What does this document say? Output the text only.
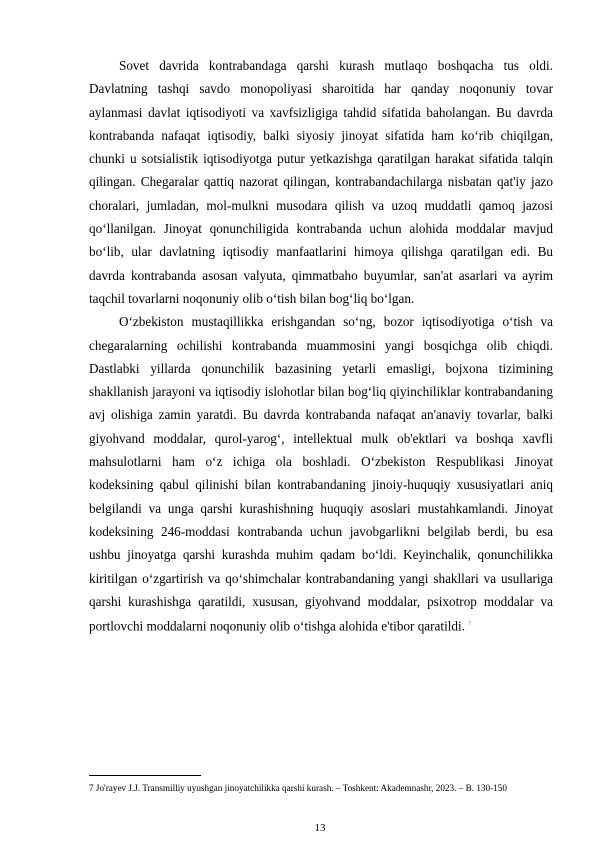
Sovet davrida kontrabandaga qarshi kurash mutlaqo boshqacha tus oldi. Davlatning tashqi savdo monopoliyasi sharoitida har qanday noqonuniy tovar aylanmasi davlat iqtisodiyoti va xavfsizligiga tahdid sifatida baholangan. Bu davrda kontrabanda nafaqat iqtisodiy, balki siyosiy jinoyat sifatida ham ko‘rib chiqilgan, chunki u sotsialistik iqtisodiyotga putur yetkazishga qaratilgan harakat sifatida talqin qilingan. Chegaralar qattiq nazorat qilingan, kontrabandachilarga nisbatan qat'iy jazo choralari, jumladan, mol-mulkni musodara qilish va uzoq muddatli qamoq jazosi qo‘llanilgan. Jinoyat qonunchiligida kontrabanda uchun alohida moddalar mavjud bo‘lib, ular davlatning iqtisodiy manfaatlarini himoya qilishga qaratilgan edi. Bu davrda kontrabanda asosan valyuta, qimmatbaho buyumlar, san'at asarlari va ayrim taqchil tovarlarni noqonuniy olib o‘tish bilan bog‘liq bo‘lgan.

O‘zbekiston mustaqillikka erishgandan so‘ng, bozor iqtisodiyotiga o‘tish va chegaralarning ochilishi kontrabanda muammosini yangi bosqichga olib chiqdi. Dastlabki yillarda qonunchilik bazasining yetarli emasligi, bojxona tizimining shakllanish jarayoni va iqtisodiy islohotlar bilan bog‘liq qiyinchiliklar kontrabandaning avj olishiga zamin yaratdi. Bu davrda kontrabanda nafaqat an'anaviy tovarlar, balki giyohvand moddalar, qurol-yarog‘, intellektual mulk ob'ektlari va boshqa xavfli mahsulotlarni ham o‘z ichiga ola boshladi. O‘zbekiston Respublikasi Jinoyat kodeksining qabul qilinishi bilan kontrabandaning jinoiy-huquqiy xususiyatlari aniq belgilandi va unga qarshi kurashishning huquqiy asoslari mustahkamlandi. Jinoyat kodeksining 246-moddasi kontrabanda uchun javobgarlikni belgilab berdi, bu esa ushbu jinoyatga qarshi kurashda muhim qadam bo‘ldi. Keyinchalik, qonunchilikka kiritilgan o‘zgartirish va qo‘shimchalar kontrabandaning yangi shakllari va usullariga qarshi kurashishga qaratildi, xususan, giyohvand moddalar, psixotrop moddalar va portlovchi moddalarni noqonuniy olib o‘tishga alohida e'tibor qaratildi. $^7$

7 Jo'rayev J.J. Transmilliy uyushgan jinoyatchilikka qarshi kurash. – Toshkent: Akademnashr, 2023. – B. 130-150

13
